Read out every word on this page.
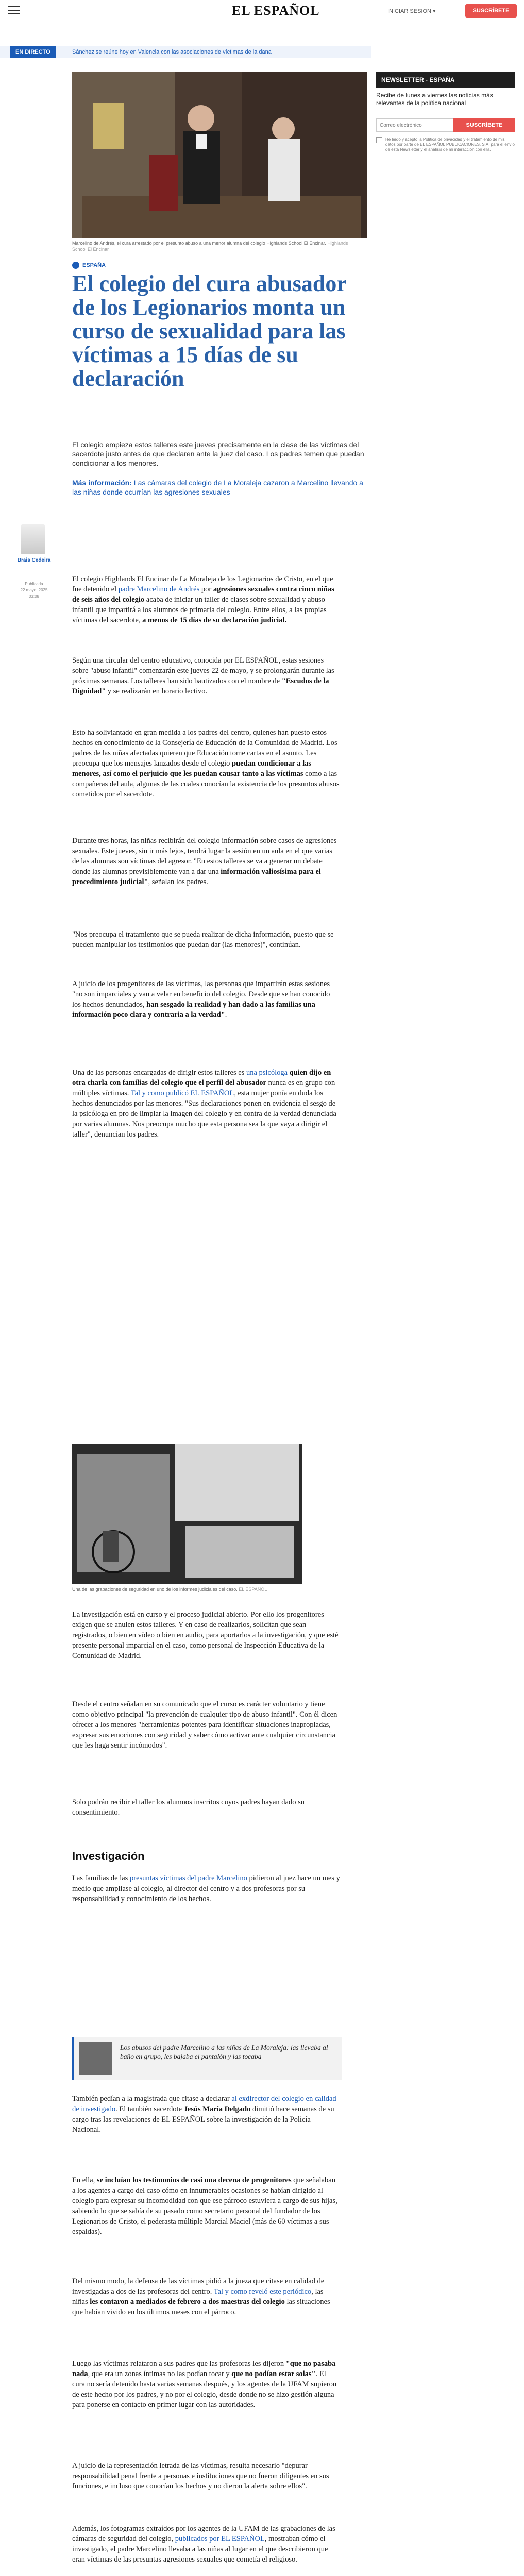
EL ESPAÑOL	INICIAR SESION ▾	SUSCRÍBETE
EN DIRECTO	Sánchez se reúne hoy en Valencia con las asociaciones de víctimas de la dana
Marcelino de Andrés, el cura arrestado por el presunto abuso a una menor alumna del colegio Highlands School El Encinar. Highlands School El Encinar
NEWSLETTER - ESPAÑA

Recibe de lunes a viernes las noticias más relevantes de la política nacional

Correo electrónico
SUSCRÍBETE
He leído y acepto la Política de privacidad y el tratamiento de mis datos por parte de EL ESPAÑOL PUBLICACIONES, S.A. para el envío de esta Newsletter y el análisis de mi interacción con ella.
ESPAÑA
El colegio del cura abusador de los Legionarios monta un curso de sexualidad para las víctimas a 15 días de su declaración

El colegio empieza estos talleres este jueves precisamente en la clase de las víctimas del sacerdote justo antes de que declaren ante la juez del caso. Los padres temen que puedan condicionar a los menores.

Más información: Las cámaras del colegio de La Moraleja cazaron a Marcelino llevando a las niñas donde ocurrían las agresiones sexuales
Brais Cedeira
Publicada
22 mayo, 2025
03:08

El colegio Highlands El Encinar de La Moraleja de los Legionarios de Cristo, en el que fue detenido el padre Marcelino de Andrés por agresiones sexuales contra cinco niñas de seis años del colegio acaba de iniciar un taller de clases sobre sexualidad y abuso infantil que impartirá a los alumnos de primaria del colegio. Entre ellos, a las propias víctimas del sacerdote, a menos de 15 días de su declaración judicial.

Según una circular del centro educativo, conocida por EL ESPAÑOL, estas sesiones sobre "abuso infantil" comenzarán este jueves 22 de mayo, y se prolongarán durante las próximas semanas. Los talleres han sido bautizados con el nombre de "Escudos de la Dignidad" y se realizarán en horario lectivo.

Esto ha soliviantado en gran medida a los padres del centro, quienes han puesto estos hechos en conocimiento de la Consejería de Educación de la Comunidad de Madrid. Los padres de las niñas afectadas quieren que Educación tome cartas en el asunto. Les preocupa que los mensajes lanzados desde el colegio puedan condicionar a las menores, así como el perjuicio que les puedan causar tanto a las víctimas como a las compañeras del aula, algunas de las cuales conocían la existencia de los presuntos abusos cometidos por el sacerdote.

Durante tres horas, las niñas recibirán del colegio información sobre casos de agresiones sexuales. Este jueves, sin ir más lejos, tendrá lugar la sesión en un aula en el que varias de las alumnas son víctimas del agresor. "En estos talleres se va a generar un debate donde las alumnas previsiblemente van a dar una información valiosísima para el procedimiento judicial", señalan los padres.

"Nos preocupa el tratamiento que se pueda realizar de dicha información, puesto que se pueden manipular los testimonios que puedan dar (las menores)", continúan.

A juicio de los progenitores de las víctimas, las personas que impartirán estas sesiones "no son imparciales y van a velar en beneficio del colegio. Desde que se han conocido los hechos denunciados, han sesgado la realidad y han dado a las familias una información poco clara y contraria a la verdad".

Una de las personas encargadas de dirigir estos talleres es una psicóloga quien dijo en otra charla con familias del colegio que el perfil del abusador nunca es en grupo con múltiples víctimas. Tal y como publicó EL ESPAÑOL, esta mujer ponía en duda los hechos denunciados por las menores. "Sus declaraciones ponen en evidencia el sesgo de la psicóloga en pro de limpiar la imagen del colegio y en contra de la verdad denunciada por varias alumnas. Nos preocupa mucho que esta persona sea la que vaya a dirigir el taller", denuncian los padres.

Una de las grabaciones de seguridad en uno de los informes judiciales del caso. EL ESPAÑOL

La investigación está en curso y el proceso judicial abierto. Por ello los progenitores exigen que se anulen estos talleres. Y en caso de realizarlos, solicitan que sean registrados, o bien en vídeo o bien en audio, para aportarlos a la investigación, y que esté presente personal imparcial en el caso, como personal de Inspección Educativa de la Comunidad de Madrid.

Desde el centro señalan en su comunicado que el curso es carácter voluntario y tiene como objetivo principal "la prevención de cualquier tipo de abuso infantil". Con él dicen ofrecer a los menores "herramientas potentes para identificar situaciones inapropiadas, expresar sus emociones con seguridad y saber cómo activar ante cualquier circunstancia que les haga sentir incómodos".

Solo podrán recibir el taller los alumnos inscritos cuyos padres hayan dado su consentimiento.

Investigación

Las familias de las presuntas víctimas del padre Marcelino pidieron al juez hace un mes y medio que ampliase al colegio, al director del centro y a dos profesoras por su responsabilidad y conocimiento de los hechos.

Los abusos del padre Marcelino a las niñas de La Moraleja: las llevaba al baño en grupo, les bajaba el pantalón y las tocaba

También pedían a la magistrada que citase a declarar al exdirector del colegio en calidad de investigado. El también sacerdote Jesús María Delgado dimitió hace semanas de su cargo tras las revelaciones de EL ESPAÑOL sobre la investigación de la Policía Nacional.

En ella, se incluían los testimonios de casi una decena de progenitores que señalaban a los agentes a cargo del caso cómo en innumerables ocasiones se habían dirigido al colegio para expresar su incomodidad con que ese párroco estuviera a cargo de sus hijas, sabiendo lo que se sabía de su pasado como secretario personal del fundador de los Legionarios de Cristo, el pederasta múltiple Marcial Maciel (más de 60 víctimas a sus espaldas).

Del mismo modo, la defensa de las víctimas pidió a la jueza que citase en calidad de investigadas a dos de las profesoras del centro. Tal y como reveló este periódico, las niñas les contaron a mediados de febrero a dos maestras del colegio las situaciones que habían vivido en los últimos meses con el párroco.

Luego las víctimas relataron a sus padres que las profesoras les dijeron "que no pasaba nada, que era un zonas íntimas no las podían tocar y que no podían estar solas". El cura no sería detenido hasta varias semanas después, y los agentes de la UFAM supieron de este hecho por los padres, y no por el colegio, desde donde no se hizo gestión alguna para ponerse en contacto en primer lugar con las autoridades.

A juicio de la representación letrada de las víctimas, resulta necesario "depurar responsabilidad penal frente a personas e instituciones que no fueron diligentes en sus funciones, e incluso que conocían los hechos y no dieron la alerta sobre ellos".

Además, los fotogramas extraídos por los agentes de la UFAM de las grabaciones de las cámaras de seguridad del colegio, publicados por EL ESPAÑOL, mostraban cómo el investigado, el padre Marcelino llevaba a las niñas al lugar en el que describieron que eran víctimas de las presuntas agresiones sexuales que cometía el religioso.
